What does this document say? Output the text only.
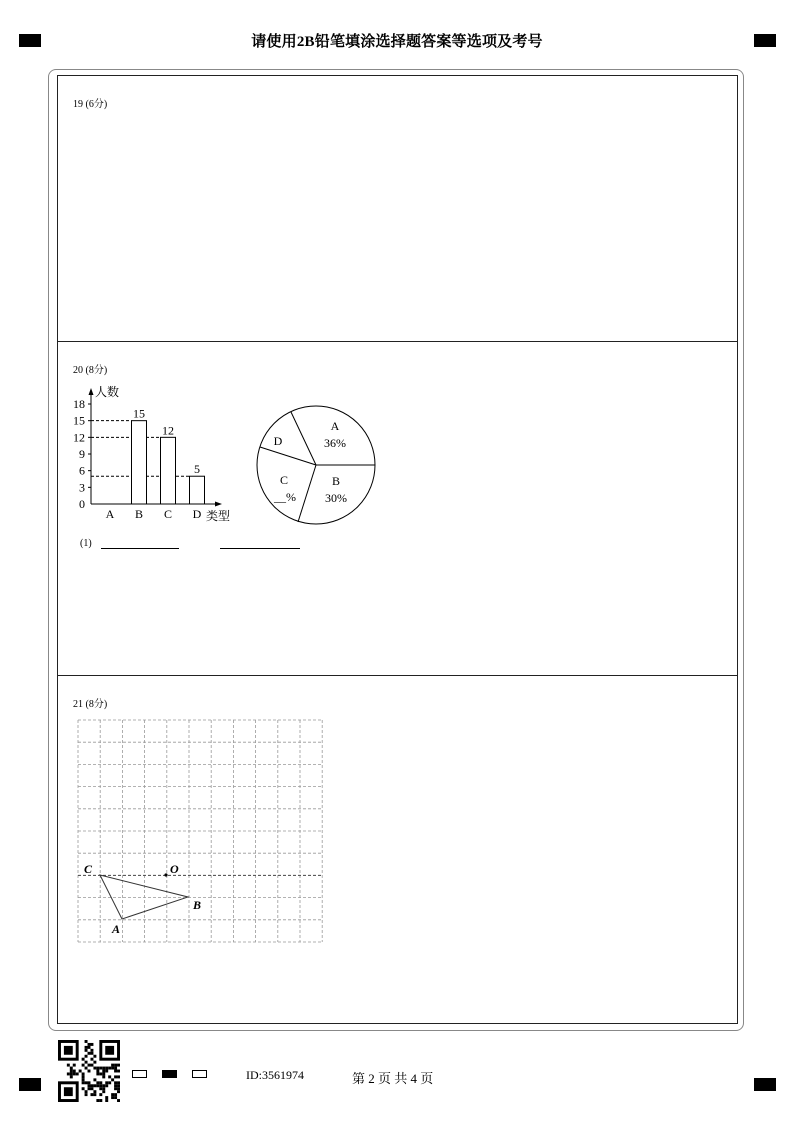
请使用2B铅笔填涂选择题答案等选项及考号
19 (6分)
20 (8分)
人数
类型
0
3
6
9
12
15
18
15
12
5
A B C D
A
36%
B
30%
C
__%
D
(1)
21 (8分)
C	O
B
A
ID:3561974	第 2 页 共 4 页
